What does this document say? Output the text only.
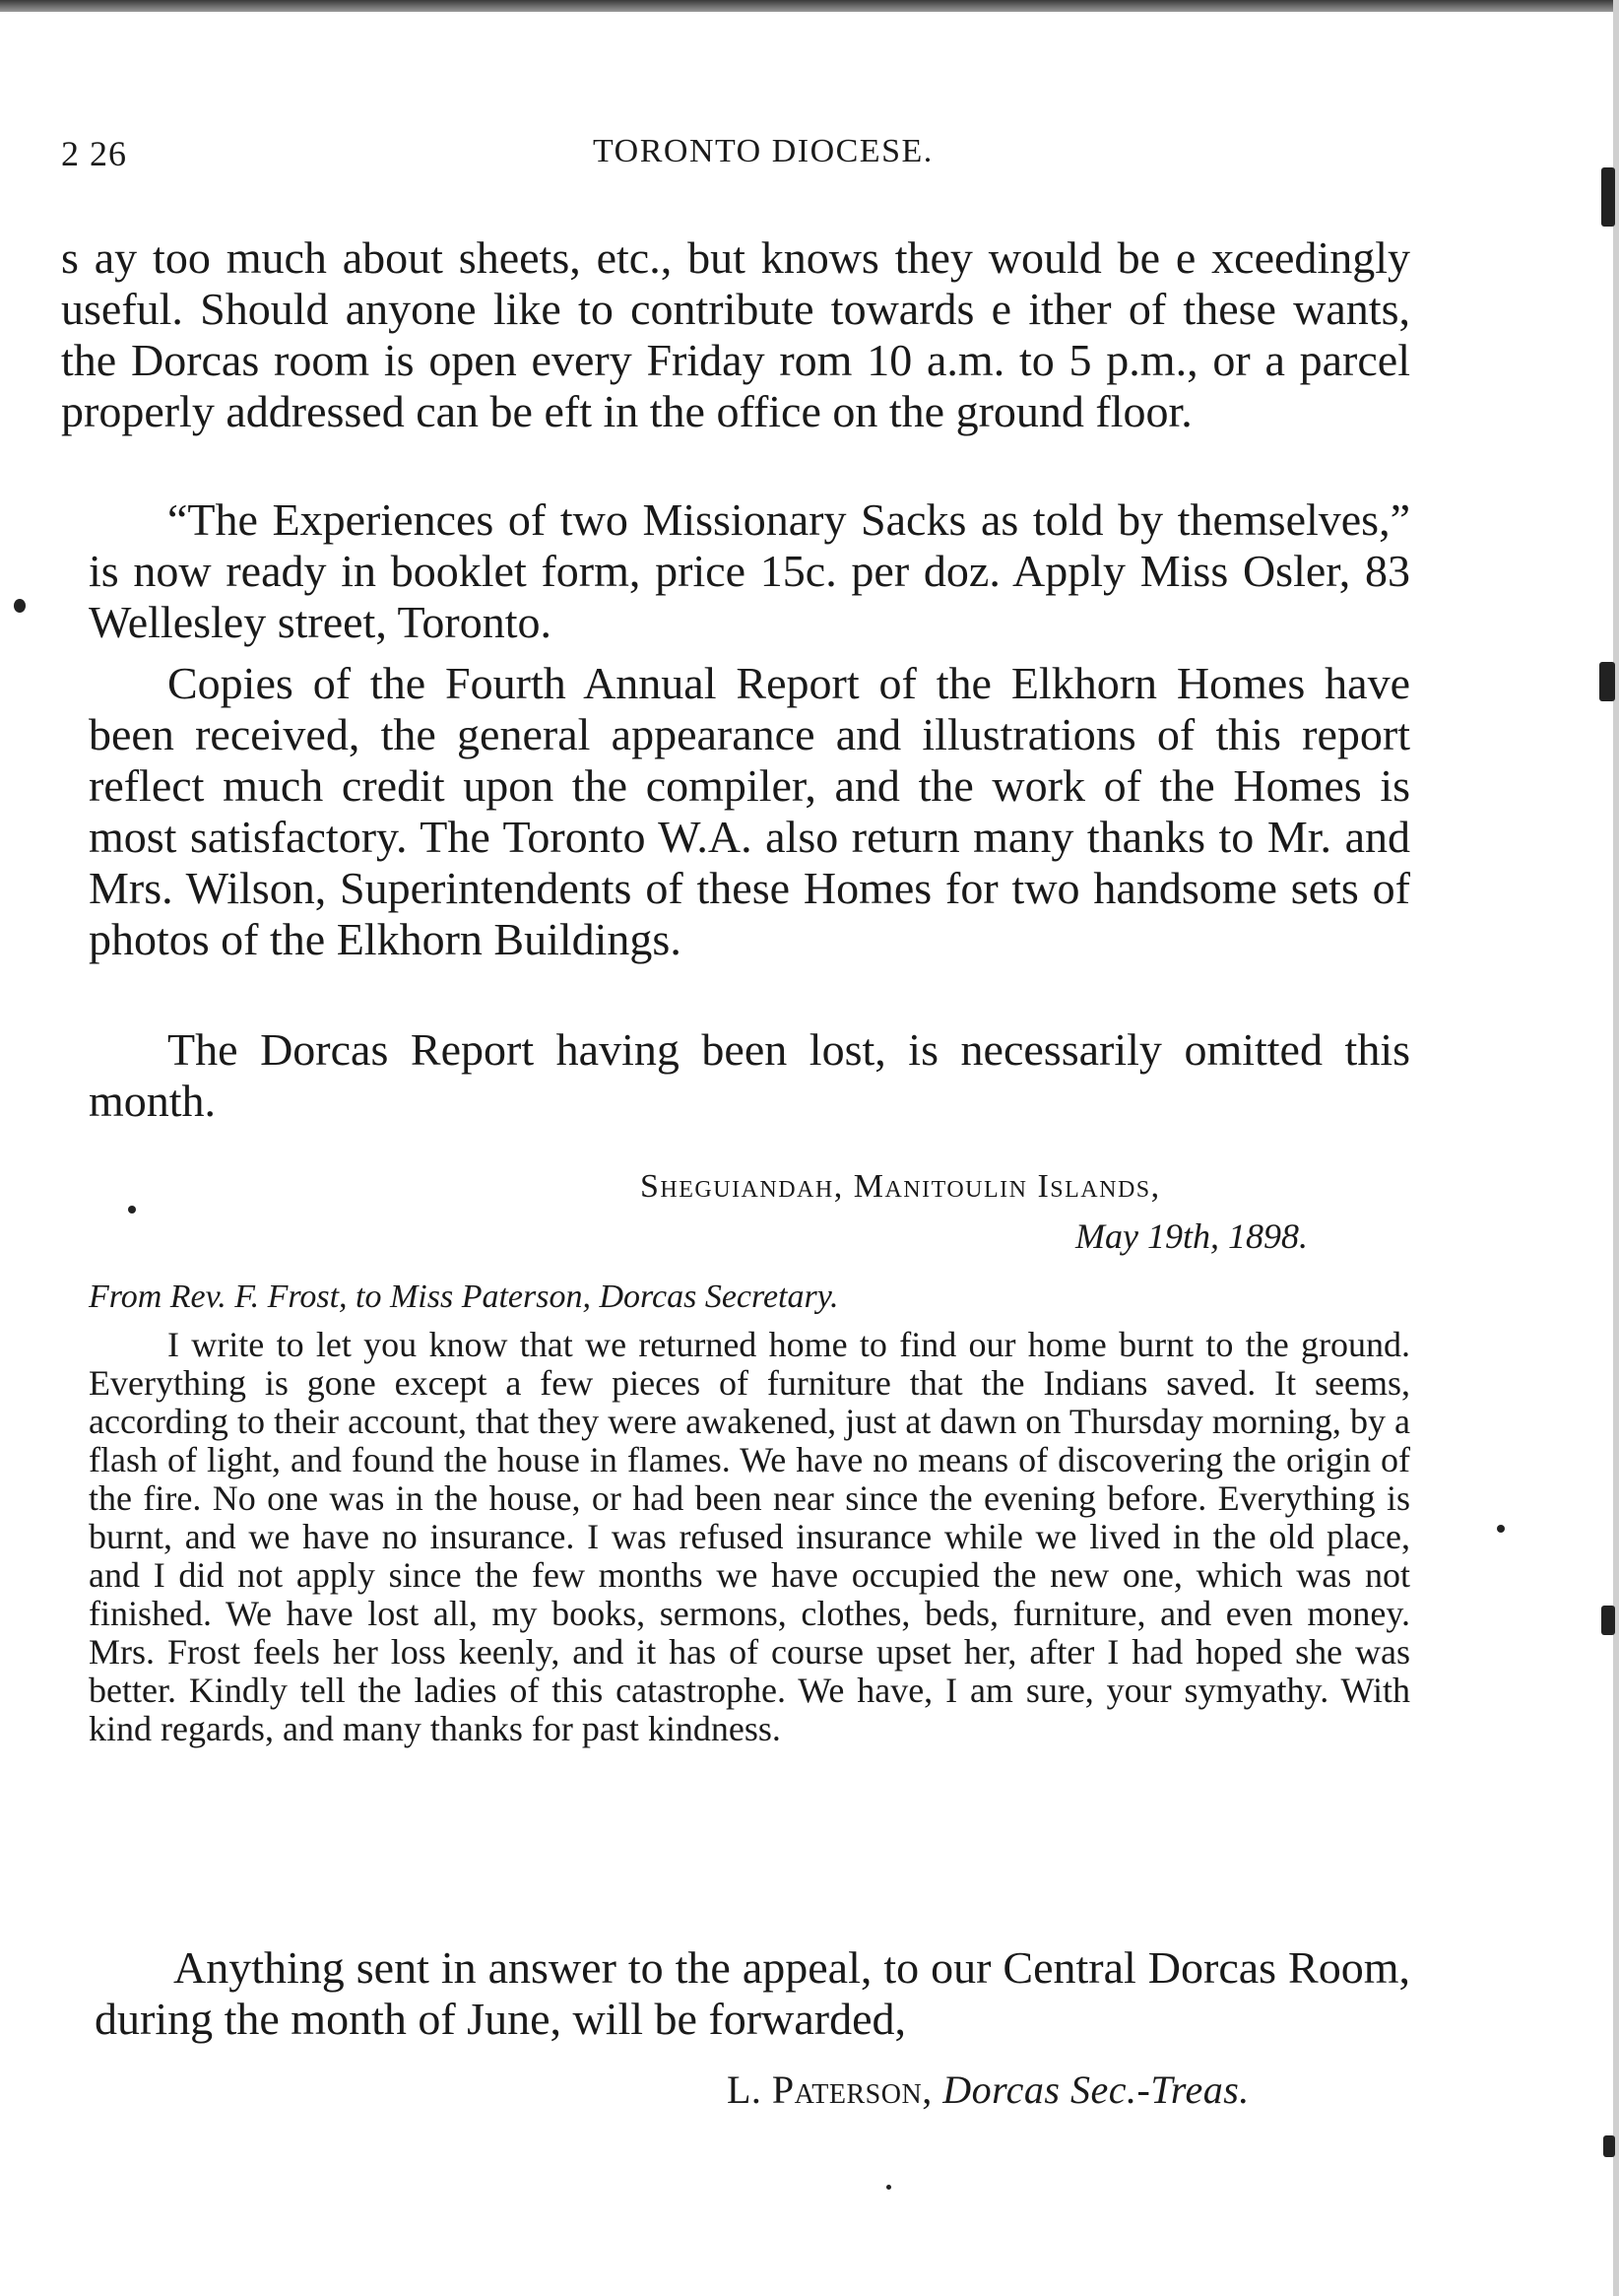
2 26	TORONTO DIOCESE.

s ay too much about sheets, etc., but knows they would be e xceedingly useful. Should anyone like to contribute towards e ither of these wants, the Dorcas room is open every Friday rom 10 a.m. to 5 p.m., or a parcel properly addressed can be eft in the office on the ground floor.

“The Experiences of two Missionary Sacks as told by themselves,” is now ready in booklet form, price 15c. per doz. Apply Miss Osler, 83 Wellesley street, Toronto.

Copies of the Fourth Annual Report of the Elkhorn Homes have been received, the general appearance and illustrations of this report reflect much credit upon the compiler, and the work of the Homes is most satisfactory. The Toronto W.A. also return many thanks to Mr. and Mrs. Wilson, Superintendents of these Homes for two handsome sets of photos of the Elkhorn Buildings.

The Dorcas Report having been lost, is necessarily omitted this month.

Sheguiandah, Manitoulin Islands,
May 19th, 1898.
From Rev. F. Frost, to Miss Paterson, Dorcas Secretary.
I write to let you know that we returned home to find our home burnt to the ground. Everything is gone except a few pieces of furniture that the Indians saved. It seems, according to their account, that they were awakened, just at dawn on Thursday morning, by a flash of light, and found the house in flames. We have no means of discovering the origin of the fire. No one was in the house, or had been near since the evening before. Everything is burnt, and we have no insurance. I was refused insurance while we lived in the old place, and I did not apply since the few months we have occupied the new one, which was not finished. We have lost all, my books, sermons, clothes, beds, furniture, and even money. Mrs. Frost feels her loss keenly, and it has of course upset her, after I had hoped she was better. Kindly tell the ladies of this catastrophe. We have, I am sure, your symyathy. With kind regards, and many thanks for past kindness.
Anything sent in answer to the appeal, to our Central Dorcas Room, during the month of June, will be forwarded,
L. Paterson, Dorcas Sec.-Treas.
